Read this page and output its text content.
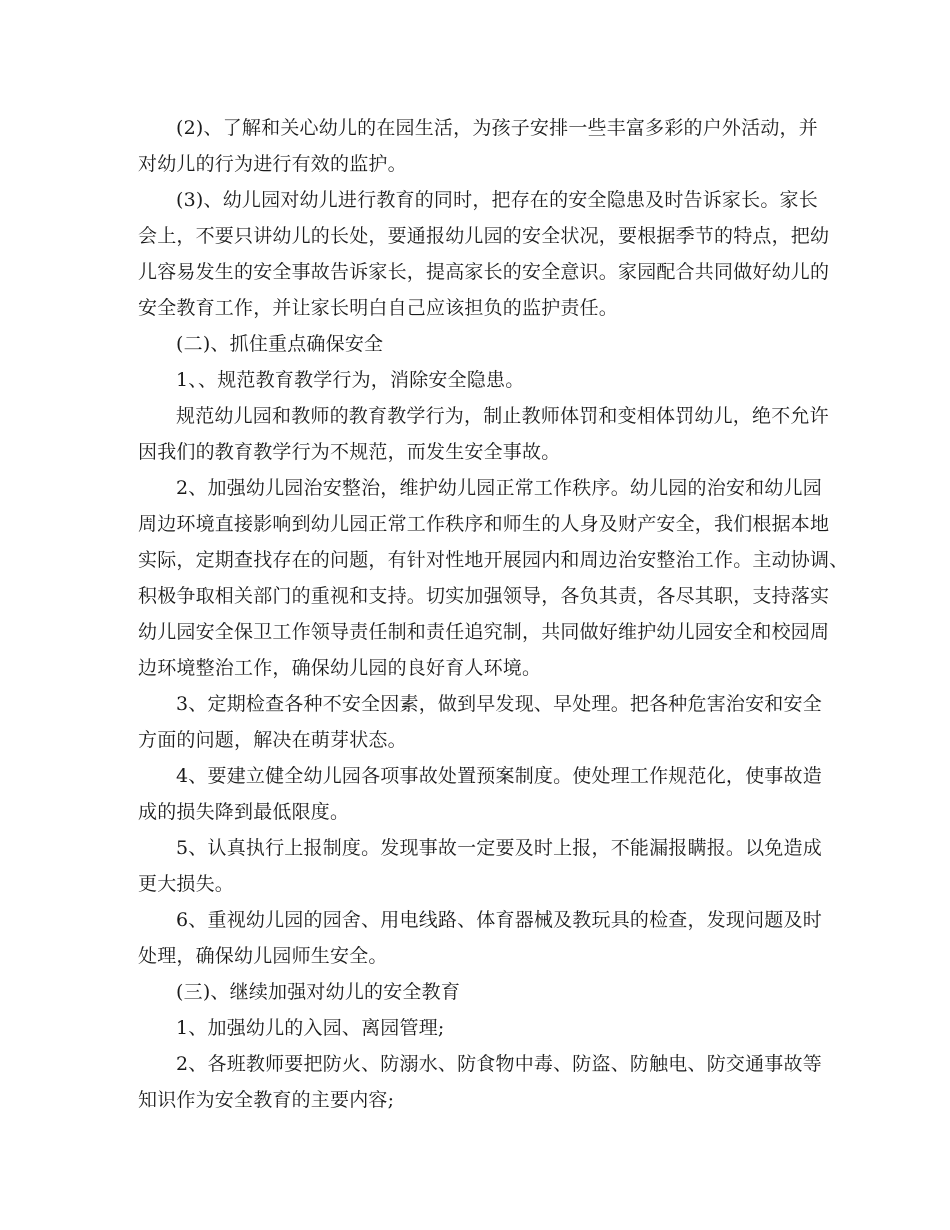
(2)、了解和关心幼儿的在园生活，为孩子安排一些丰富多彩的户外活动，并
对幼儿的行为进行有效的监护。
(3)、幼儿园对幼儿进行教育的同时，把存在的安全隐患及时告诉家长。家长
会上，不要只讲幼儿的长处，要通报幼儿园的安全状况，要根据季节的特点，把幼
儿容易发生的安全事故告诉家长，提高家长的安全意识。家园配合共同做好幼儿的
安全教育工作，并让家长明白自己应该担负的监护责任。
(二)、抓住重点确保安全
1、、规范教育教学行为，消除安全隐患。
规范幼儿园和教师的教育教学行为，制止教师体罚和变相体罚幼儿，绝不允许
因我们的教育教学行为不规范，而发生安全事故。
2、加强幼儿园治安整治，维护幼儿园正常工作秩序。幼儿园的治安和幼儿园
周边环境直接影响到幼儿园正常工作秩序和师生的人身及财产安全，我们根据本地
实际，定期查找存在的问题，有针对性地开展园内和周边治安整治工作。主动协调、
积极争取相关部门的重视和支持。切实加强领导，各负其责，各尽其职，支持落实
幼儿园安全保卫工作领导责任制和责任追究制，共同做好维护幼儿园安全和校园周
边环境整治工作，确保幼儿园的良好育人环境。
3、定期检查各种不安全因素，做到早发现、早处理。把各种危害治安和安全
方面的问题，解决在萌芽状态。
4、要建立健全幼儿园各项事故处置预案制度。使处理工作规范化，使事故造
成的损失降到最低限度。
5、认真执行上报制度。发现事故一定要及时上报，不能漏报瞒报。以免造成
更大损失。
6、重视幼儿园的园舍、用电线路、体育器械及教玩具的检查，发现问题及时
处理，确保幼儿园师生安全。
(三)、继续加强对幼儿的安全教育
1、加强幼儿的入园、离园管理;
2、各班教师要把防火、防溺水、防食物中毒、防盗、防触电、防交通事故等
知识作为安全教育的主要内容;
